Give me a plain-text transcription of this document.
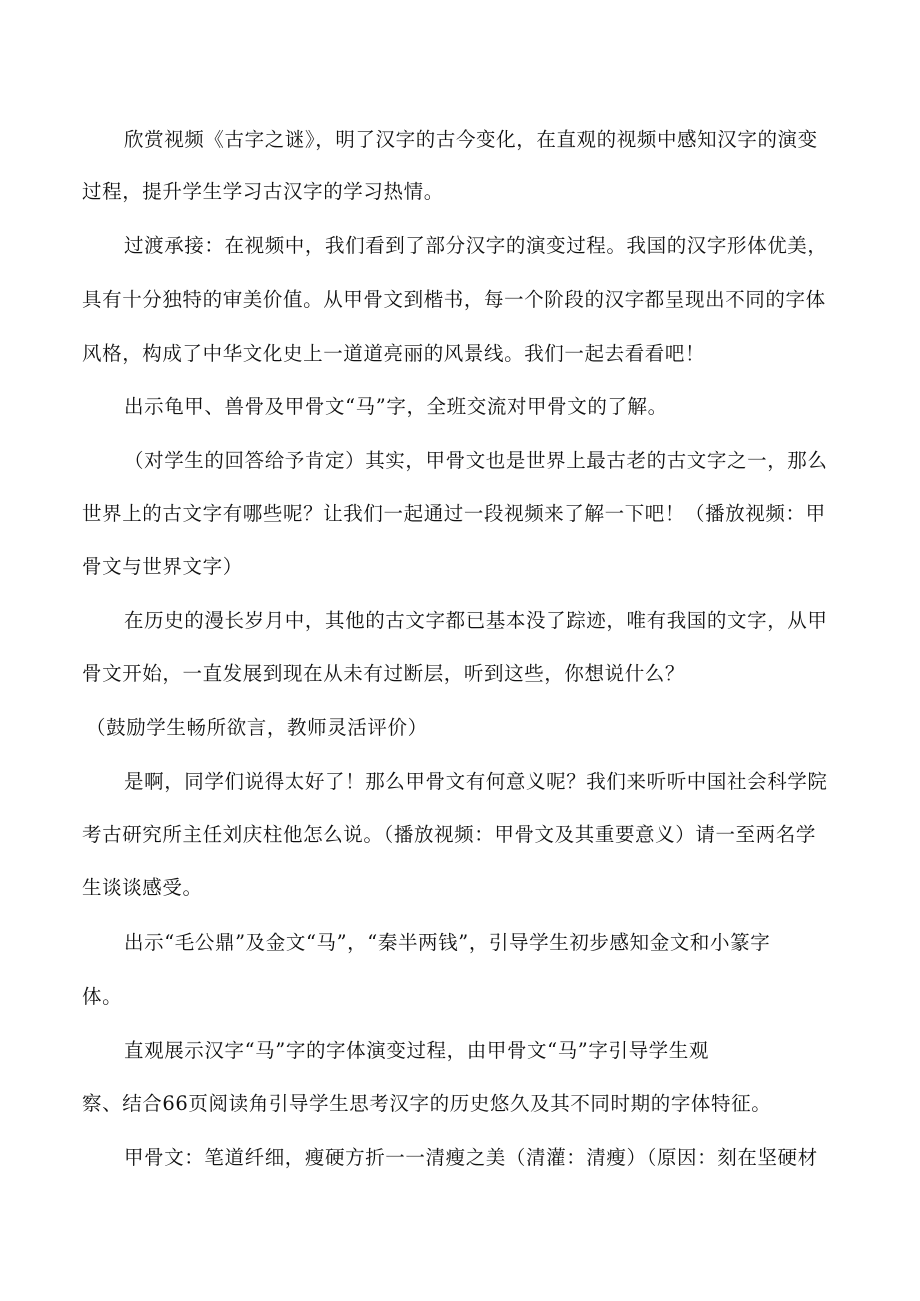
欣赏视频《古字之谜》，明了汉字的古今变化，在直观的视频中感知汉字的演变
过程，提升学生学习古汉字的学习热情。
过渡承接：在视频中，我们看到了部分汉字的演变过程。我国的汉字形体优美，
具有十分独特的审美价值。从甲骨文到楷书，每一个阶段的汉字都呈现出不同的字体
风格，构成了中华文化史上一道道亮丽的风景线。我们一起去看看吧！
出示龟甲、兽骨及甲骨文“马”字，全班交流对甲骨文的了解。
（对学生的回答给予肯定）其实，甲骨文也是世界上最古老的古文字之一，那么
世界上的古文字有哪些呢？让我们一起通过一段视频来了解一下吧！（播放视频：甲
骨文与世界文字）
在历史的漫长岁月中，其他的古文字都已基本没了踪迹，唯有我国的文字，从甲
骨文开始，一直发展到现在从未有过断层，听到这些，你想说什么？
（鼓励学生畅所欲言，教师灵活评价）
是啊，同学们说得太好了！那么甲骨文有何意义呢？我们来听听中国社会科学院
考古研究所主任刘庆柱他怎么说。（播放视频：甲骨文及其重要意义）请一至两名学
生谈谈感受。
出示“毛公鼎”及金文“马”，“秦半两钱”，引导学生初步感知金文和小篆字
体。
直观展示汉字“马”字的字体演变过程，由甲骨文“马”字引导学生观
察、结合66页阅读角引导学生思考汉字的历史悠久及其不同时期的字体特征。
甲骨文：笔道纤细，瘦硬方折一一清瘦之美（清灌：清瘦）（原因：刻在坚硬材
